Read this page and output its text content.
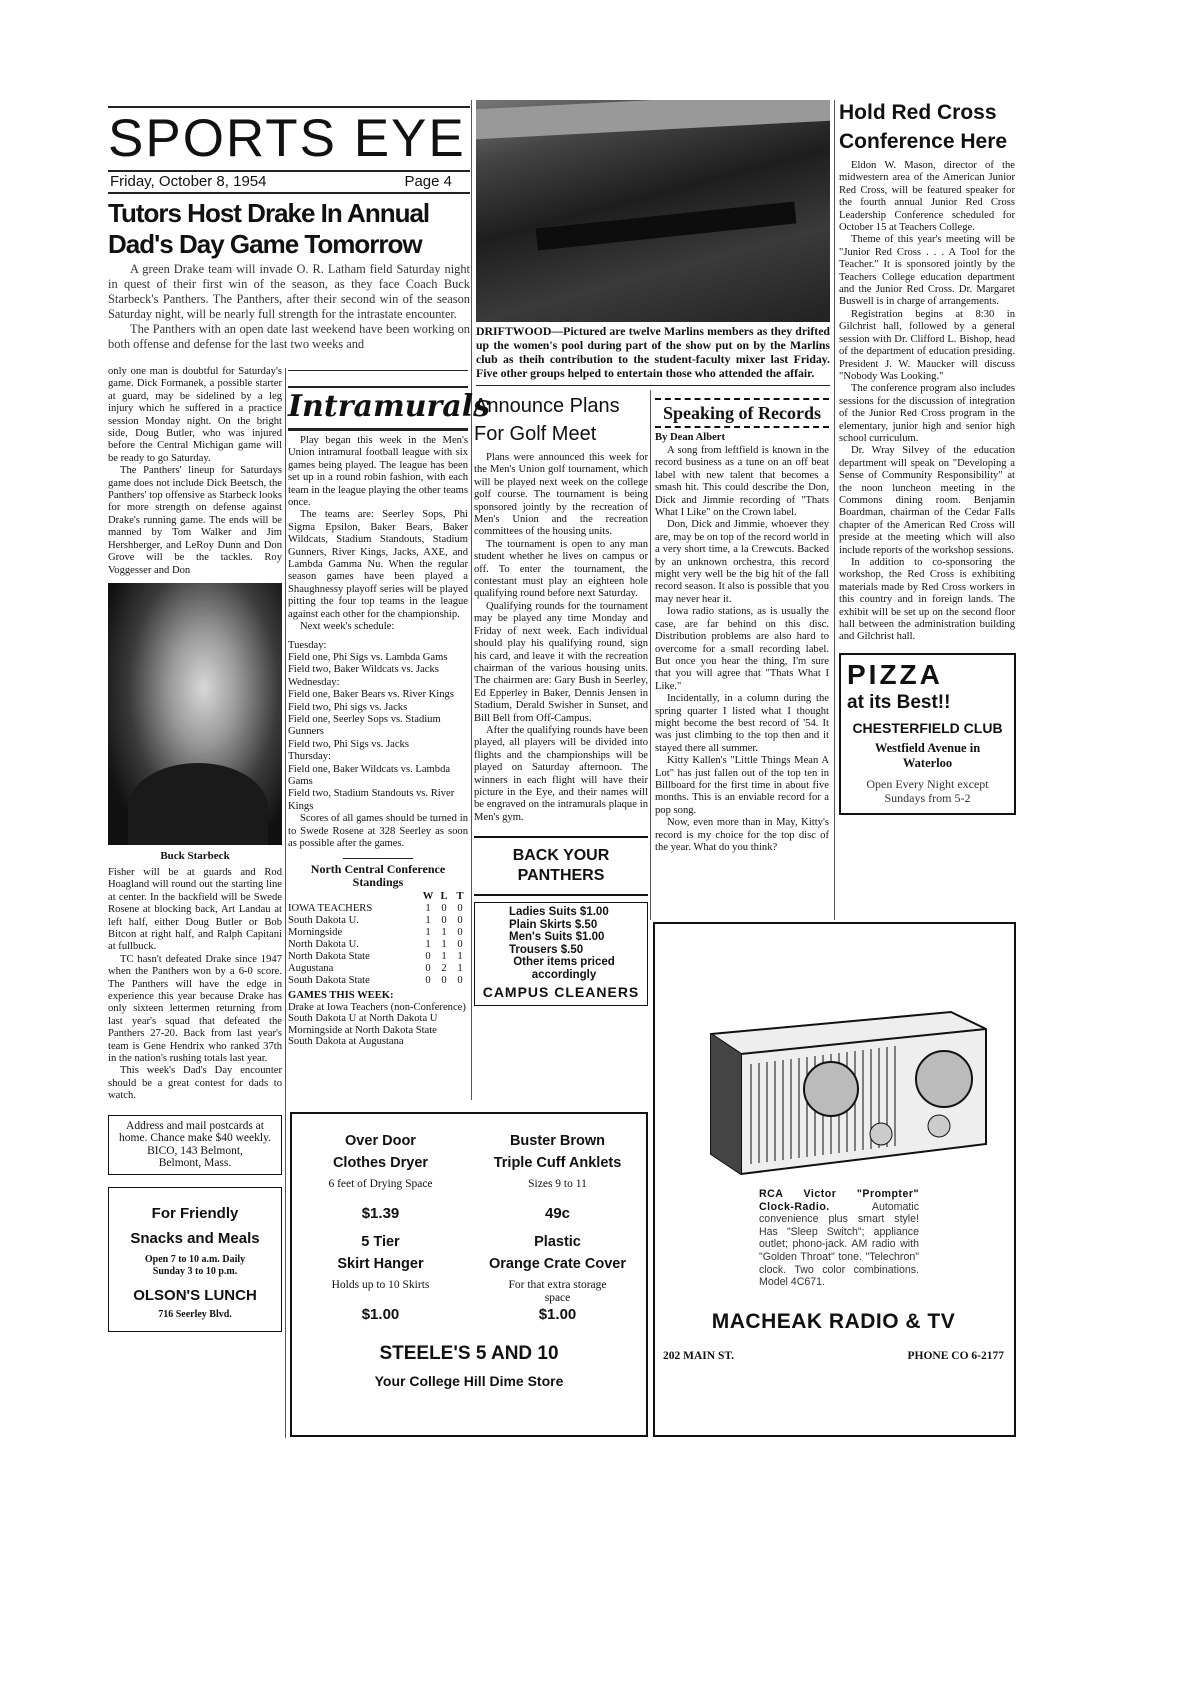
SPORTS EYE
Friday, October 8, 1954	Page 4
Tutors Host Drake In Annual Dad's Day Game Tomorrow

A green Drake team will invade O. R. Latham field Saturday night in quest of their first win of the season, as they face Coach Buck Starbeck's Panthers. The Panthers, after their second win of the season Saturday night, will be nearly full strength for the intrastate encounter.

The Panthers with an open date last weekend have been working on both offense and defense for the last two weeks and

only one man is doubtful for Saturday's game. Dick Formanek, a possible starter at guard, may be sidelined by a leg injury which he suffered in a practice session Monday night. On the bright side, Doug Butler, who was injured before the Central Michigan game will be ready to go Saturday.

The Panthers' lineup for Saturdays game does not include Dick Beetsch, the Panthers' top offensive as Starbeck looks for more strength on defense against Drake's running game. The ends will be manned by Tom Walker and Jim Hershberger, and LeRoy Dunn and Don Grove will be the tackles. Roy Voggesser and Don

Buck Starbeck

Fisher will be at guards and Rod Hoagland will round out the starting line at center. In the backfield will be Swede Rosene at blocking back, Art Landau at left half, either Doug Butler or Bob Bitcon at right half, and Ralph Capitani at fullbuck.

TC hasn't defeated Drake since 1947 when the Panthers won by a 6-0 score. The Panthers will have the edge in experience this year because Drake has only sixteen lettermen returning from last year's squad that defeated the Panthers 27-20. Back from last year's team is Gene Hendrix who ranked 37th in the nation's rushing totals last year.

This week's Dad's Day encounter should be a great contest for dads to watch.

Address and mail postcards at home. Chance make $40 weekly.
BICO, 143 Belmont,
Belmont, Mass.
For Friendly
Snacks and Meals
Open 7 to 10 a.m. Daily
Sunday 3 to 10 p.m.
OLSON'S LUNCH
716 Seerley Blvd.
Intramurals

Play began this week in the Men's Union intramural football league with six games being played. The league has been set up in a round robin fashion, with each team in the league playing the other teams once.

The teams are: Seerley Sops, Phi Sigma Epsilon, Baker Bears, Baker Wildcats, Stadium Standouts, Stadium Gunners, River Kings, Jacks, AXE, and Lambda Gamma Nu. When the regular season games have been played a Shaughnessy playoff series will be played pitting the four top teams in the league against each other for the championship.

Next week's schedule:

Tuesday:
Field one, Phi Sigs vs. Lambda Gams
Field two, Baker Wildcats vs. Jacks
Wednesday:
Field one, Baker Bears vs. River Kings
Field two, Phi sigs vs. Jacks
Field one, Seerley Sops vs. Stadium Gunners
Field two, Phi Sigs vs. Jacks
Thursday:
Field one, Baker Wildcats vs. Lambda Gams
Field two, Stadium Standouts vs. River Kings

Scores of all games should be turned in to Swede Rosene at 328 Seerley as soon as possible after the games.

North Central Conference Standings
	W	L	T
IOWA TEACHERS	1	0	0
South Dakota U.	1	0	0
Morningside	1	1	0
North Dakota U.	1	1	0
North Dakota State	0	1	1
Augustana	0	2	1
South Dakota State	0	0	0
GAMES THIS WEEK:
Drake at Iowa Teachers (non-Conference)
South Dakota U at North Dakota U
Morningside at North Dakota State
South Dakota at Augustana
DRIFTWOOD—Pictured are twelve Marlins members as they drifted up the women's pool during part of the show put on by the Marlins club as theih contribution to the student-faculty mixer last Friday. Five other groups helped to entertain those who attended the affair.
Announce Plans For Golf Meet

Plans were announced this week for the Men's Union golf tournament, which will be played next week on the college golf course. The tournament is being sponsored jointly by the recreation of Men's Union and the recreation committees of the housing units.

The tournament is open to any man student whether he lives on campus or off. To enter the tournament, the contestant must play an eighteen hole qualifying round before next Saturday.

Qualifying rounds for the tournament may be played any time Monday and Friday of next week. Each individual should play his qualifying round, sign his card, and leave it with the recreation chairman of the various housing units. The chairmen are: Gary Bush in Seerley, Ed Epperley in Baker, Dennis Jensen in Stadium, Derald Swisher in Sunset, and Bill Bell from Off-Campus.

After the qualifying rounds have been played, all players will be divided into flights and the championships will be played on Saturday afternoon. The winners in each flight will have their picture in the Eye, and their names will be engraved on the intramurals plaque in Men's gym.

BACK YOUR PANTHERS
Ladies Suits $1.00
Plain Skirts $.50
Men's Suits $1.00
Trousers $.50
Other items priced accordingly
CAMPUS CLEANERS
Speaking of Records
By Dean Albert

A song from leftfield is known in the record business as a tune on an off beat label with new talent that becomes a smash hit. This could describe the Don, Dick and Jimmie recording of "Thats What I Like" on the Crown label.

Don, Dick and Jimmie, whoever they are, may be on top of the record world in a very short time, a la Crewcuts. Backed by an unknown orchestra, this record might very well be the big hit of the fall record season. It also is possible that you may never hear it.

Iowa radio stations, as is usually the case, are far behind on this disc. Distribution problems are also hard to overcome for a small recording label. But once you hear the thing, I'm sure that you will agree that "Thats What I Like."

Incidentally, in a column during the spring quarter I listed what I thought might become the best record of '54. It was just climbing to the top then and it stayed there all summer.

Kitty Kallen's "Little Things Mean A Lot" has just fallen out of the top ten in Billboard for the first time in about five months. This is an enviable record for a pop song.

Now, even more than in May, Kitty's record is my choice for the top disc of the year. What do you think?

Hold Red Cross Conference Here

Eldon W. Mason, director of the midwestern area of the American Junior Red Cross, will be featured speaker for the fourth annual Junior Red Cross Leadership Conference scheduled for October 15 at Teachers College.

Theme of this year's meeting will be "Junior Red Cross . . . A Tool for the Teacher." It is sponsored jointly by the Teachers College education department and the Junior Red Cross. Dr. Margaret Buswell is in charge of arrangements.

Registration begins at 8:30 in Gilchrist hall, followed by a general session with Dr. Clifford L. Bishop, head of the department of education presiding. President J. W. Maucker will discuss "Nobody Was Looking."

The conference program also includes sessions for the discussion of integration of the Junior Red Cross program in the elementary, junior high and senior high school curriculum.

Dr. Wray Silvey of the education department will speak on "Developing a Sense of Community Responsibility" at the noon luncheon meeting in the Commons dining room. Benjamin Boardman, chairman of the Cedar Falls chapter of the American Red Cross will preside at the meeting which will also include reports of the workshop sessions.

In addition to co-sponsoring the workshop, the Red Cross is exhibiting materials made by Red Cross workers in this country and in foreign lands. The exhibit will be set up on the second floor hall between the administration building and Gilchrist hall.

PIZZA
at its Best!!
CHESTERFIELD CLUB
Westfield Avenue in Waterloo
Open Every Night except Sundays from 5-2
Over Door
Clothes Dryer
6 feet of Drying Space
$1.39
Buster Brown
Triple Cuff Anklets
Sizes 9 to 11
49c
5 Tier
Skirt Hanger
Holds up to 10 Skirts
$1.00
Plastic
Orange Crate Cover
For that extra storage space
$1.00
STEELE'S 5 AND 10
Your College Hill Dime Store
RCA Victor "Prompter" Clock-Radio.	Automatic convenience plus smart style! Has "Sleep Switch"; appliance outlet; phono-jack. AM radio with "Golden Throat" tone. "Telechron" clock. Two color combinations. Model 4C671.
MACHEAK RADIO & TV
202 MAIN ST.	PHONE CO 6-2177
